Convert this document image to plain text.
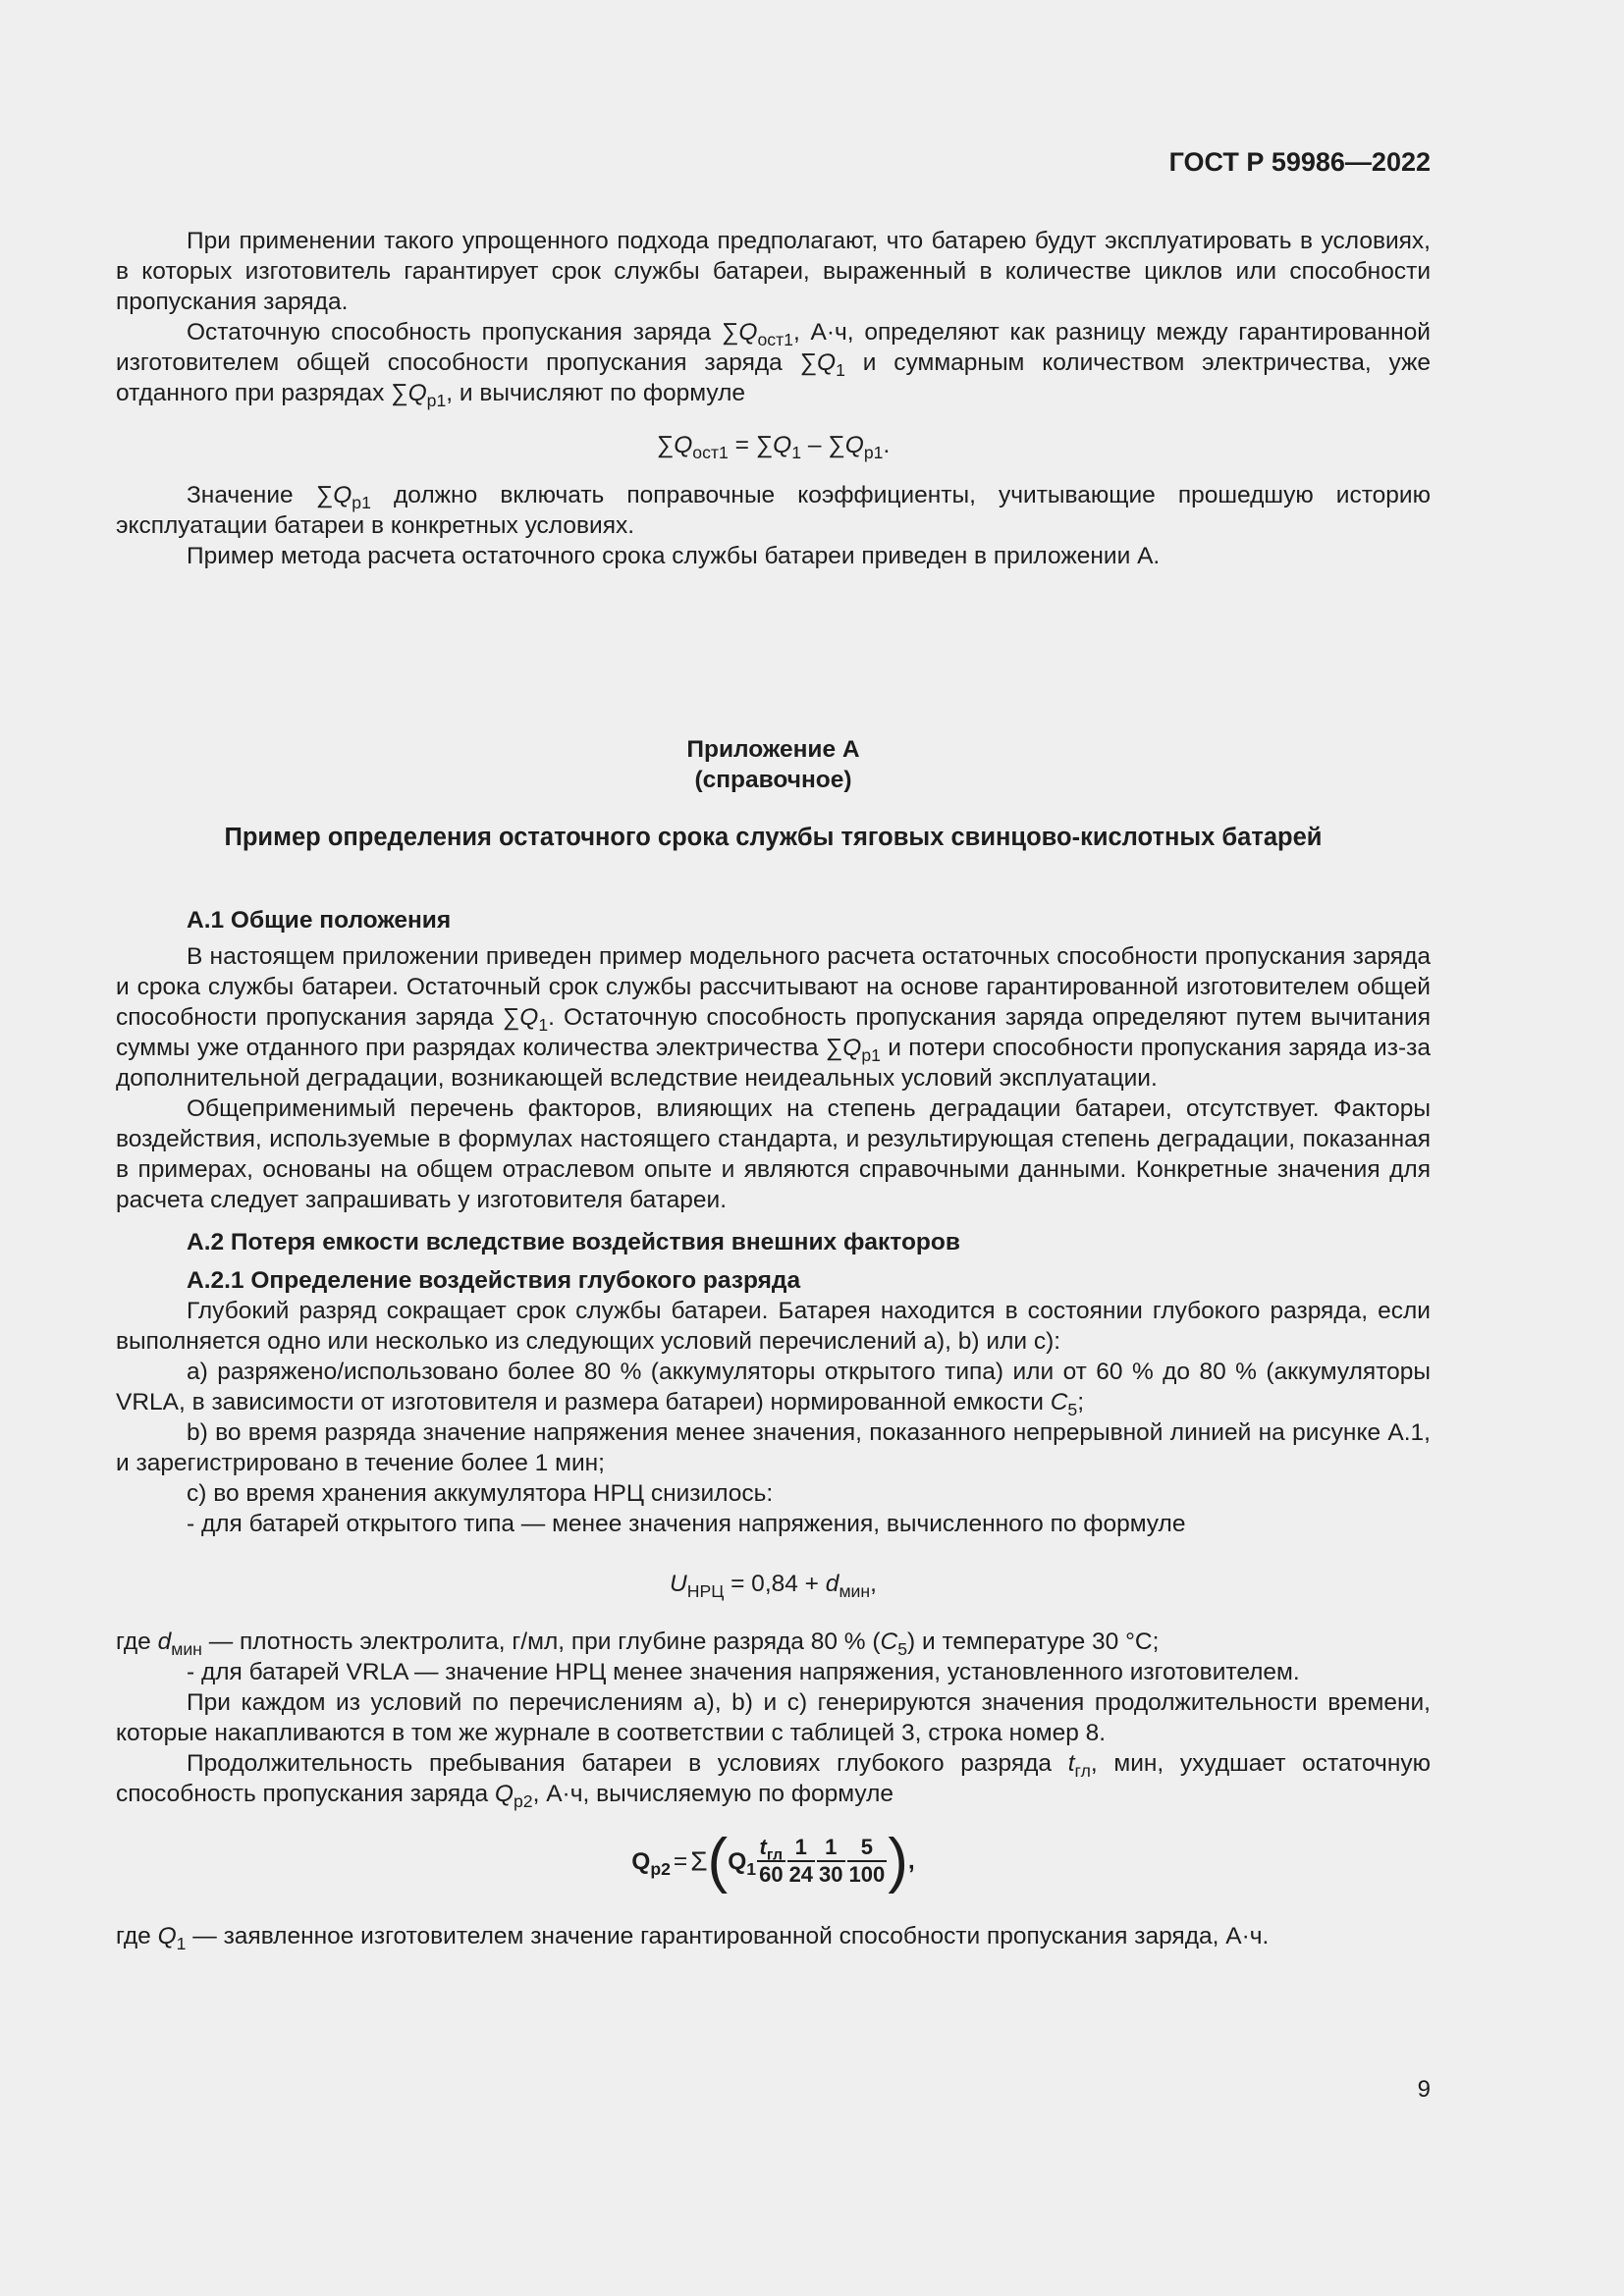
ГОСТ Р 59986—2022

При применении такого упрощенного подхода предполагают, что батарею будут эксплуатировать в условиях, в которых изготовитель гарантирует срок службы батареи, выраженный в количестве циклов или способности пропускания заряда.

Остаточную способность пропускания заряда $\sum Q_{ост1}$, А·ч, определяют как разницу между гарантированной изготовителем общей способности пропускания заряда $\sum Q_1$ и суммарным количеством электричества, уже отданного при разрядах $\sum Q_{р1}$, и вычисляют по формуле

$\sum Q_{ост1} = \sum Q_1 - \sum Q_{р1}$.

Значение $\sum Q_{р1}$ должно включать поправочные коэффициенты, учитывающие прошедшую историю эксплуатации батареи в конкретных условиях.

Пример метода расчета остаточного срока службы батареи приведен в приложении А.

Приложение А
(справочное)
Пример определения остаточного срока службы тяговых свинцово-кислотных батарей

А.1 Общие положения

В настоящем приложении приведен пример модельного расчета остаточных способности пропускания заряда и срока службы батареи. Остаточный срок службы рассчитывают на основе гарантированной изготовителем общей способности пропускания заряда $\sum Q_1$. Остаточную способность пропускания заряда определяют путем вычитания суммы уже отданного при разрядах количества электричества $\sum Q_{р1}$ и потери способности пропускания заряда из-за дополнительной деградации, возникающей вследствие неидеальных условий эксплуатации.

Общеприменимый перечень факторов, влияющих на степень деградации батареи, отсутствует. Факторы воздействия, используемые в формулах настоящего стандарта, и результирующая степень деградации, показанная в примерах, основаны на общем отраслевом опыте и являются справочными данными. Конкретные значения для расчета следует запрашивать у изготовителя батареи.

А.2 Потеря емкости вследствие воздействия внешних факторов

А.2.1 Определение воздействия глубокого разряда

Глубокий разряд сокращает срок службы батареи. Батарея находится в состоянии глубокого разряда, если выполняется одно или несколько из следующих условий перечислений а), b) или с):

а) разряжено/использовано более 80 % (аккумуляторы открытого типа) или от 60 % до 80 % (аккумуляторы VRLA, в зависимости от изготовителя и размера батареи) нормированной емкости $C_5$;

b) во время разряда значение напряжения менее значения, показанного непрерывной линией на рисунке А.1, и зарегистрировано в течение более 1 мин;

с) во время хранения аккумулятора НРЦ снизилось:

- для батарей открытого типа — менее значения напряжения, вычисленного по формуле

$U_{НРЦ} = 0,84 + d_{мин}$,

где $d_{мин}$ — плотность электролита, г/мл, при глубине разряда 80 % $(C_5)$ и температуре 30 °С;

- для батарей VRLA — значение НРЦ менее значения напряжения, установленного изготовителем.

При каждом из условий по перечислениям а), b) и с) генерируются значения продолжительности времени, которые накапливаются в том же журнале в соответствии с таблицей 3, строка номер 8.

Продолжительность пребывания батареи в условиях глубокого разряда $t_{гл}$, мин, ухудшает остаточную способность пропускания заряда $Q_{р2}$, А·ч, вычисляемую по формуле

$Q_{p2} = \Sigma(Q_1 \frac{t_{гл}}{60} \frac{1}{24} \frac{1}{30} \frac{5}{100}$ ),

где $Q_1$ — заявленное изготовителем значение гарантированной способности пропускания заряда, А·ч.

9
